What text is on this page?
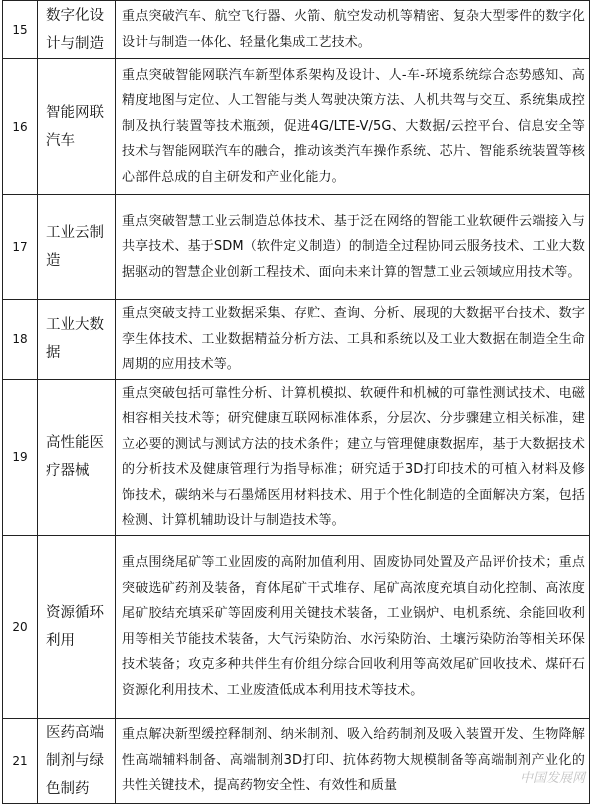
15	数字化设计与制造	重点突破汽车、航空飞行器、火箭、航空发动机等精密、复杂大型零件的数字化设计与制造一体化、轻量化集成工艺技术。
16	智能网联汽车	重点突破智能网联汽车新型体系架构及设计、人-车-环境系统综合态势感知、高精度地图与定位、人工智能与类人驾驶决策方法、人机共驾与交互、系统集成控制及执行装置等技术瓶颈，促进4G/LTE-V/5G、大数据/云控平台、信息安全等技术与智能网联汽车的融合，推动该类汽车操作系统、芯片、智能系统装置等核心部件总成的自主研发和产业化能力。
17	工业云制造	重点突破智慧工业云制造总体技术、基于泛在网络的智能工业软硬件云端接入与共享技术、基于SDM（软件定义制造）的制造全过程协同云服务技术、工业大数据驱动的智慧企业创新工程技术、面向未来计算的智慧工业云领域应用技术等。
18	工业大数据	重点突破支持工业数据采集、存贮、查询、分析、展现的大数据平台技术、数字孪生体技术、工业数据精益分析方法、工具和系统以及工业大数据在制造全生命周期的应用技术等。
19	高性能医疗器械	重点突破包括可靠性分析、计算机模拟、软硬件和机械的可靠性测试技术、电磁相容相关技术等；研究健康互联网标准体系，分层次、分步骤建立相关标准，建立必要的测试与测试方法的技术条件；建立与管理健康数据库，基于大数据技术的分析技术及健康管理行为指导标准；研究适于3D打印技术的可植入材料及修饰技术，碳纳米与石墨烯医用材料技术、用于个性化制造的全面解决方案，包括检测、计算机辅助设计与制造技术等。
20	资源循环利用	重点围绕尾矿等工业固废的高附加值利用、固废协同处置及产品评价技术；重点突破选矿药剂及装备，育体尾矿干式堆存、尾矿高浓度充填自动化控制、高浓度尾矿胶结充填采矿等固废利用关键技术装备，工业锅炉、电机系统、余能回收利用等相关节能技术装备，大气污染防治、水污染防治、土壤污染防治等相关环保技术装备；攻克多种共伴生有价组分综合回收利用等高效尾矿回收技术、煤矸石资源化利用技术、工业废渣低成本利用技术等技术。
21	医药高端制剂与绿色制药	重点解决新型缓控释制剂、纳米制剂、吸入给药制剂及吸入装置开发、生物降解性高端辅料制备、高端制剂3D打印、抗体药物大规模制备等高端制剂产业化的共性关键技术，提高药物安全性、有效性和质量	中国发展网
